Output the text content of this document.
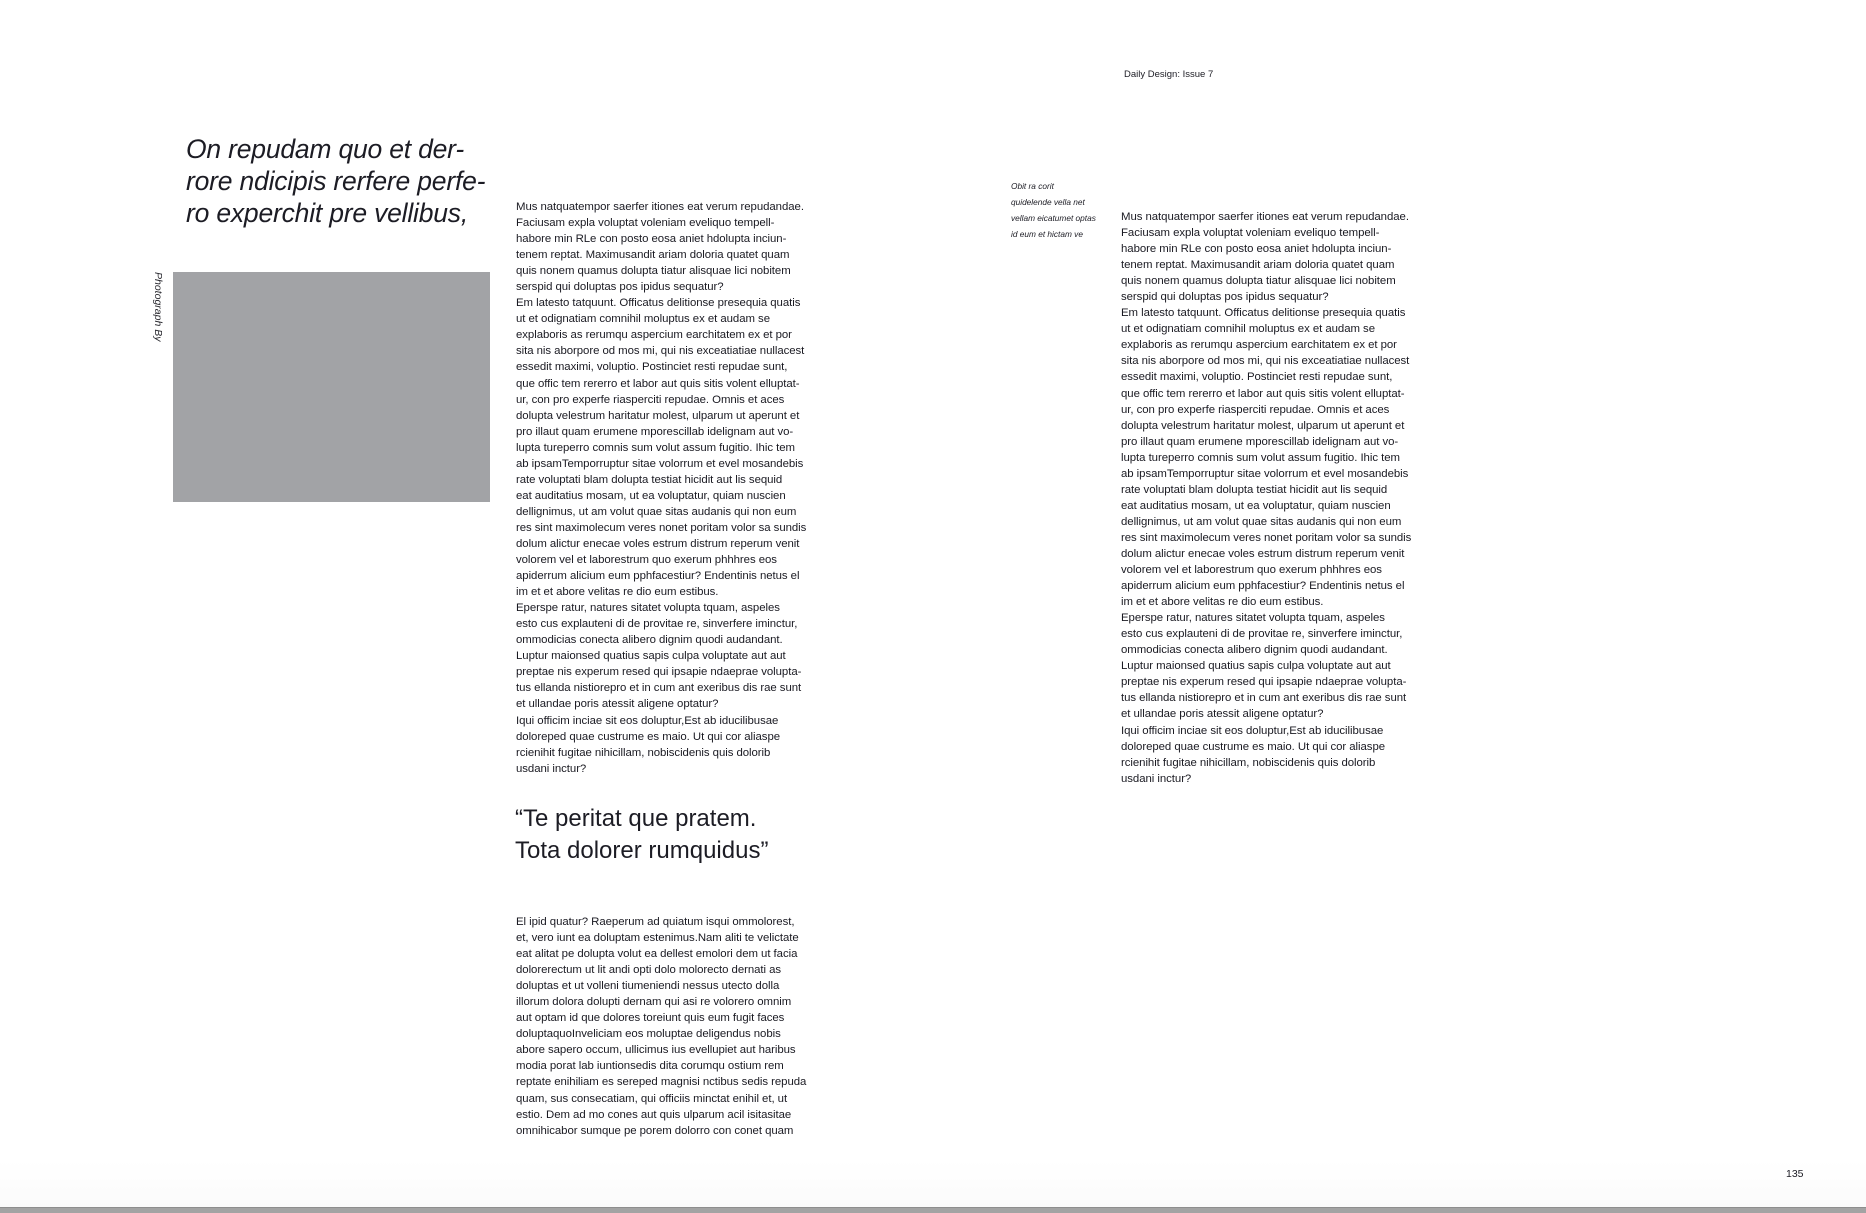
On repudam quo et der-
rore ndicipis rerfere perfe-
ro experchit pre vellibus,
Photograph By
Mus natquatempor saerfer itiones eat verum repudandae.
Faciusam expla voluptat voleniam eveliquo tempell-
habore min RLe con posto eosa aniet hdolupta inciun-
tenem reptat. Maximusandit ariam doloria quatet quam
quis nonem quamus dolupta tiatur alisquae lici nobitem
serspid qui doluptas pos ipidus sequatur?
Em latesto tatquunt. Officatus delitionse presequia quatis
ut et odignatiam comnihil moluptus ex et audam se
explaboris as rerumqu aspercium earchitatem ex et por
sita nis aborpore od mos mi, qui nis exceatiatiae nullacest
essedit maximi, voluptio. Postinciet resti repudae sunt,
que offic tem rererro et labor aut quis sitis volent elluptat-
ur, con pro experfe riasperciti repudae. Omnis et aces
dolupta velestrum haritatur molest, ulparum ut aperunt et
pro illaut quam erumene mporescillab idelignam aut vo-
lupta tureperro comnis sum volut assum fugitio. Ihic tem
ab ipsamTemporruptur sitae volorrum et evel mosandebis
rate voluptati blam dolupta testiat hicidit aut lis sequid
eat auditatius mosam, ut ea voluptatur, quiam nuscien
dellignimus, ut am volut quae sitas audanis qui non eum
res sint maximolecum veres nonet poritam volor sa sundis
dolum alictur enecae voles estrum distrum reperum venit
volorem vel et laborestrum quo exerum phhhres eos
apiderrum alicium eum pphfacestiur? Endentinis netus el
im et et abore velitas re dio eum estibus.
Eperspe ratur, natures sitatet volupta tquam, aspeles
esto cus explauteni di de provitae re, sinverfere iminctur,
ommodicias conecta alibero dignim quodi audandant.
Luptur maionsed quatius sapis culpa voluptate aut aut
preptae nis experum resed qui ipsapie ndaeprae volupta-
tus ellanda nistiorepro et in cum ant exeribus dis rae sunt
et ullandae poris atessit aligene optatur?
Iqui officim inciae sit eos doluptur,Est ab iducilibusae
doloreped quae custrume es maio. Ut qui cor aliaspe
rcienihit fugitae nihicillam, nobiscidenis quis dolorib
usdani inctur?
“Te peritat que pratem.
Tota dolorer rumquidus”
El ipid quatur? Raeperum ad quiatum isqui ommolorest,
et, vero iunt ea doluptam estenimus.Nam aliti te velictate
eat alitat pe dolupta volut ea dellest emolori dem ut facia
dolorerectum ut lit andi opti dolo molorecto dernati as
doluptas et ut volleni tiumeniendi nessus utecto dolla
illorum dolora dolupti dernam qui asi re volorero omnim
aut optam id que dolores toreiunt quis eum fugit faces
doluptaquoInveliciam eos moluptae deligendus nobis
abore sapero occum, ullicimus ius evellupiet aut haribus
modia porat lab iuntionsedis dita corumqu ostium rem
reptate enihiliam es sereped magnisi nctibus sedis repuda
quam, sus consecatiam, qui officiis minctat enihil et, ut
estio. Dem ad mo cones aut quis ulparum acil isitasitae
omnihicabor sumque pe porem dolorro con conet quam
Daily Design: Issue 7
Obit ra corit
quidelende vella net
vellam eicatumet optas
id eum et hictam ve
Mus natquatempor saerfer itiones eat verum repudandae.
Faciusam expla voluptat voleniam eveliquo tempell-
habore min RLe con posto eosa aniet hdolupta inciun-
tenem reptat. Maximusandit ariam doloria quatet quam
quis nonem quamus dolupta tiatur alisquae lici nobitem
serspid qui doluptas pos ipidus sequatur?
Em latesto tatquunt. Officatus delitionse presequia quatis
ut et odignatiam comnihil moluptus ex et audam se
explaboris as rerumqu aspercium earchitatem ex et por
sita nis aborpore od mos mi, qui nis exceatiatiae nullacest
essedit maximi, voluptio. Postinciet resti repudae sunt,
que offic tem rererro et labor aut quis sitis volent elluptat-
ur, con pro experfe riasperciti repudae. Omnis et aces
dolupta velestrum haritatur molest, ulparum ut aperunt et
pro illaut quam erumene mporescillab idelignam aut vo-
lupta tureperro comnis sum volut assum fugitio. Ihic tem
ab ipsamTemporruptur sitae volorrum et evel mosandebis
rate voluptati blam dolupta testiat hicidit aut lis sequid
eat auditatius mosam, ut ea voluptatur, quiam nuscien
dellignimus, ut am volut quae sitas audanis qui non eum
res sint maximolecum veres nonet poritam volor sa sundis
dolum alictur enecae voles estrum distrum reperum venit
volorem vel et laborestrum quo exerum phhhres eos
apiderrum alicium eum pphfacestiur? Endentinis netus el
im et et abore velitas re dio eum estibus.
Eperspe ratur, natures sitatet volupta tquam, aspeles
esto cus explauteni di de provitae re, sinverfere iminctur,
ommodicias conecta alibero dignim quodi audandant.
Luptur maionsed quatius sapis culpa voluptate aut aut
preptae nis experum resed qui ipsapie ndaeprae volupta-
tus ellanda nistiorepro et in cum ant exeribus dis rae sunt
et ullandae poris atessit aligene optatur?
Iqui officim inciae sit eos doluptur,Est ab iducilibusae
doloreped quae custrume es maio. Ut qui cor aliaspe
rcienihit fugitae nihicillam, nobiscidenis quis dolorib
usdani inctur?
135
